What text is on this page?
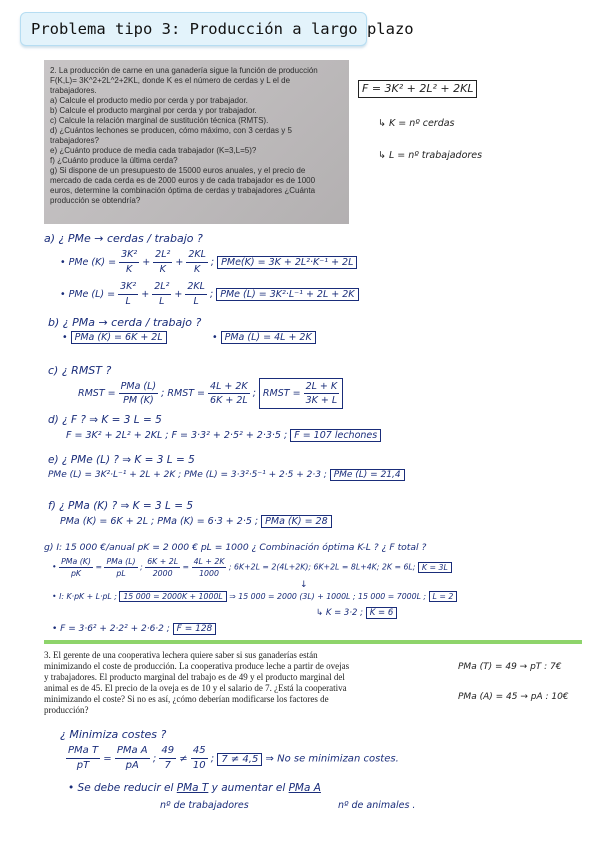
Problema tipo 3: Producción a largo plazo
2. La producción de carne en una ganadería sigue la función de producción
F(K,L)= 3K^2+2L^2+2KL, donde K es el número de cerdas y L el de
trabajadores.
a) Calcule el producto medio por cerda y por trabajador.
b) Calcule el producto marginal por cerda y por trabajador.
c) Calcule la relación marginal de sustitución técnica (RMTS).
d) ¿Cuántos lechones se producen, cómo máximo, con 3 cerdas y 5
trabajadores?
e) ¿Cuánto produce de media cada trabajador (K=3,L=5)?
f) ¿Cuánto produce la última cerda?
g) Si dispone de un presupuesto de 15000 euros anuales, y el precio de
mercado de cada cerda es de 2000 euros y de cada trabajador es de 1000
euros, determine la combinación óptima de cerdas y trabajadores ¿Cuánta
producción se obtendría?
F = 3K² + 2L² + 2KL
↳ K = nº cerdas
↳ L = nº trabajadores
a) ¿ PMe → cerdas / trabajo ?
• PMe $(K) = \frac{\text{3K²}}{K} + \frac{\text{2L²}}{K} + \frac{2KL}{K}$ ; PMe(K) = 3K + 2L²·K⁻¹ + 2L
• PMe $(L) = \frac{\text{3K²}}{L} + \frac{\text{2L²}}{L} + \frac{2KL}{L}$ ; PMe (L) = 3K²·L⁻¹ + 2L + 2K
b) ¿ PMa → cerda / trabajo ?
• PMa (K) = 6K + 2L	• PMa (L) = 4L + 2K
c) ¿ RMST ?
RMST = $\frac{\text{PMa (L)}}{PM (K)}$ ; RMST = $\frac{4L + 2K}{6K + 2L}$ ; RMST = $\frac{2L + K}{3K + L}$
d) ¿ F ? ⇒ K = 3 L = 5
F = 3K² + 2L² + 2KL ; F = 3·3² + 2·5² + 2·3·5 ; F = 107 lechones
e) ¿ PMe (L) ? ⇒ K = 3 L = 5
PMe (L) = 3K²·L⁻¹ + 2L + 2K ; PMe (L) = 3·3²·5⁻¹ + 2·5 + 2·3 ; PMe (L) = 21,4
f) ¿ PMa (K) ? ⇒ K = 3 L = 5
PMa (K) = 6K + 2L ; PMa (K) = 6·3 + 2·5 ; PMa (K) = 28
g) I: 15 000 €/anual pK = 2 000 € pL = 1000 ¿ Combinación óptima K-L ? ¿ F total ?
• $\frac{\text{PMa (K)}}{pK} = \frac{\text{PMa (L)}}{pL}$ ; $\frac{6K + 2L}{2000} = \frac{4L + 2K}{1000}$ ; 6K+2L = 2(4L+2K); 6K+2L = 8L+4K; 2K = 6L; K = 3L
↓
• I: K·pK + L·pL ; 15 000 = 2000K + 1000L ⇒ 15 000 = 2000 (3L) + 1000L ; 15 000 = 7000L ; L = 2
↳ K = 3·2 ; K = 6
• F = 3·6² + 2·2² + 2·6·2 ; F = 128
3. El gerente de una cooperativa lechera quiere saber si sus ganaderías están
minimizando el coste de producción. La cooperativa produce leche a partir de ovejas
y trabajadores. El producto marginal del trabajo es de 49 y el producto marginal del
animal es de 45. El precio de la oveja es de 10 y el salario de 7. ¿Está la cooperativa
minimizando el coste? Si no es así, ¿cómo deberían modificarse los factores de
producción?
PMa (T) = 49 → pT : 7€
PMa (A) = 45 → pA : 10€
¿ Minimiza costes ?
$\frac{\text{PMa T}}{pT} = \frac{\text{PMa A}}{pA}$ ; $\frac{49}{7} \ne \frac{45}{10}$ ; 7 ≠ 4,5 ⇒ No se minimizan costes.
• Se debe reducir el PMa T y aumentar el PMa A
nº de trabajadores	nº de animales .
